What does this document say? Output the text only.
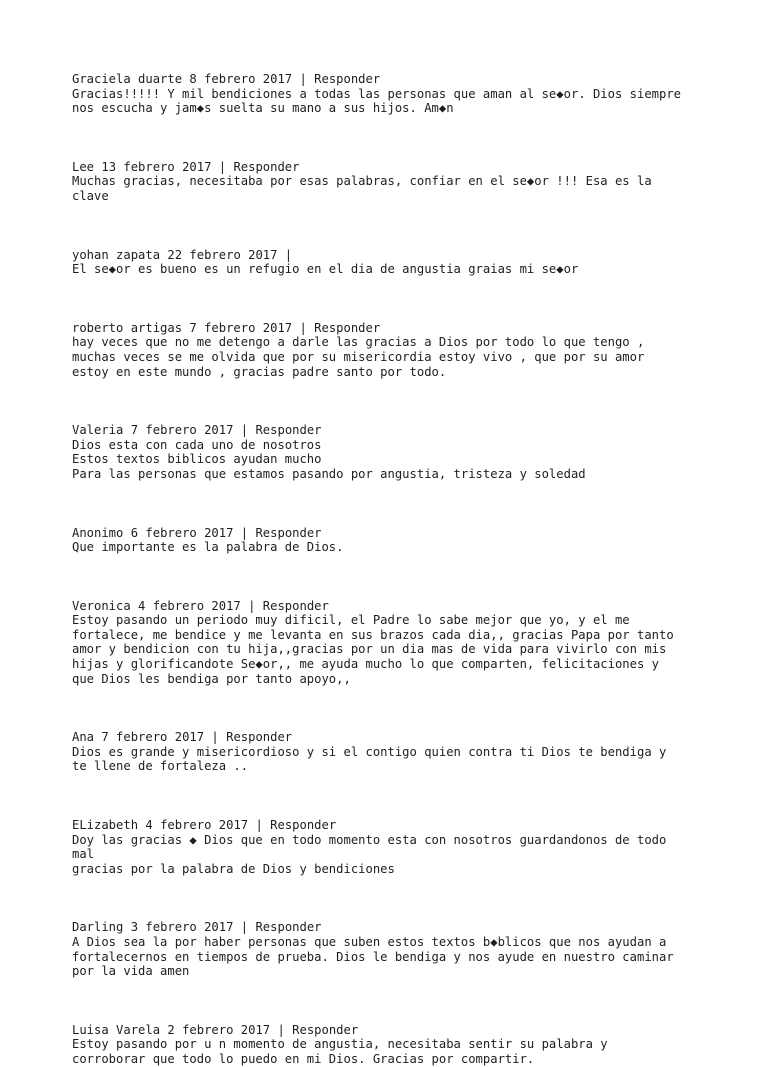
Graciela duarte 8 febrero 2017 | Responder
Gracias!!!!! Y mil bendiciones a todas las personas que aman al se◆or. Dios siempre
nos escucha y jam◆s suelta su mano a sus hijos. Am◆n
Lee 13 febrero 2017 | Responder
Muchas gracias, necesitaba por esas palabras, confiar en el se◆or !!! Esa es la
clave
yohan zapata 22 febrero 2017 |
El se◆or es bueno es un refugio en el dia de angustia graias mi se◆or
roberto artigas 7 febrero 2017 | Responder
hay veces que no me detengo a darle las gracias a Dios por todo lo que tengo ,
muchas veces se me olvida que por su misericordia estoy vivo , que por su amor
estoy en este mundo , gracias padre santo por todo.
Valeria 7 febrero 2017 | Responder
Dios esta con cada uno de nosotros
Estos textos biblicos ayudan mucho
Para las personas que estamos pasando por angustia, tristeza y soledad
Anonimo 6 febrero 2017 | Responder
Que importante es la palabra de Dios.
Veronica 4 febrero 2017 | Responder
Estoy pasando un periodo muy dificil, el Padre lo sabe mejor que yo, y el me
fortalece, me bendice y me levanta en sus brazos cada dia,, gracias Papa por tanto
amor y bendicion con tu hija,,gracias por un dia mas de vida para vivirlo con mis
hijas y glorificandote Se◆or,, me ayuda mucho lo que comparten, felicitaciones y
que Dios les bendiga por tanto apoyo,,
Ana 7 febrero 2017 | Responder
Dios es grande y misericordioso y si el contigo quien contra ti Dios te bendiga y
te llene de fortaleza ..
ELizabeth 4 febrero 2017 | Responder
Doy las gracias ◆ Dios que en todo momento esta con nosotros guardandonos de todo
mal
gracias por la palabra de Dios y bendiciones
Darling 3 febrero 2017 | Responder
A Dios sea la por haber personas que suben estos textos b◆blicos que nos ayudan a
fortalecernos en tiempos de prueba. Dios le bendiga y nos ayude en nuestro caminar
por la vida amen
Luisa Varela 2 febrero 2017 | Responder
Estoy pasando por u n momento de angustia, necesitaba sentir su palabra y
corroborar que todo lo puedo en mi Dios. Gracias por compartir.
